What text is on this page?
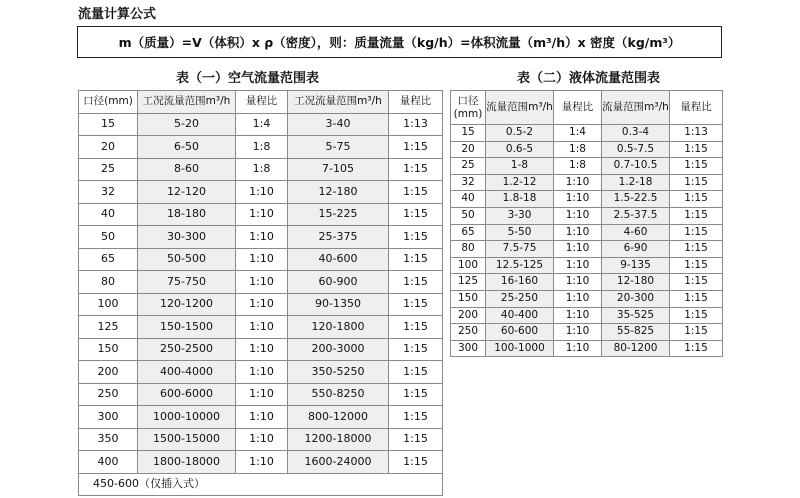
流量计算公式
m（质量）=V（体积）x ρ（密度），则：质量流量（kg/h）=体积流量（m³/h）x 密度（kg/m³）
表（一）空气流量范围表	表（二）液体流量范围表
口径(mm)	工况流量范围m³/h	量程比	工况流量范围m³/h	量程比
15	5-20	1:4	3-40	1:13
20	6-50	1:8	5-75	1:15
25	8-60	1:8	7-105	1:15
32	12-120	1:10	12-180	1:15
40	18-180	1:10	15-225	1:15
50	30-300	1:10	25-375	1:15
65	50-500	1:10	40-600	1:15
80	75-750	1:10	60-900	1:15
100	120-1200	1:10	90-1350	1:15
125	150-1500	1:10	120-1800	1:15
150	250-2500	1:10	200-3000	1:15
200	400-4000	1:10	350-5250	1:15
250	600-6000	1:10	550-8250	1:15
300	1000-10000	1:10	800-12000	1:15
350	1500-15000	1:10	1200-18000	1:15
400	1800-18000	1:10	1600-24000	1:15
450-600（仅插入式）				
口径(mm)	流量范围m³/h	量程比	流量范围m³/h	量程比
15	0.5-2	1:4	0.3-4	1:13
20	0.6-5	1:8	0.5-7.5	1:15
25	1-8	1:8	0.7-10.5	1:15
32	1.2-12	1:10	1.2-18	1:15
40	1.8-18	1:10	1.5-22.5	1:15
50	3-30	1:10	2.5-37.5	1:15
65	5-50	1:10	4-60	1:15
80	7.5-75	1:10	6-90	1:15
100	12.5-125	1:10	9-135	1:15
125	16-160	1:10	12-180	1:15
150	25-250	1:10	20-300	1:15
200	40-400	1:10	35-525	1:15
250	60-600	1:10	55-825	1:15
300	100-1000	1:10	80-1200	1:15
